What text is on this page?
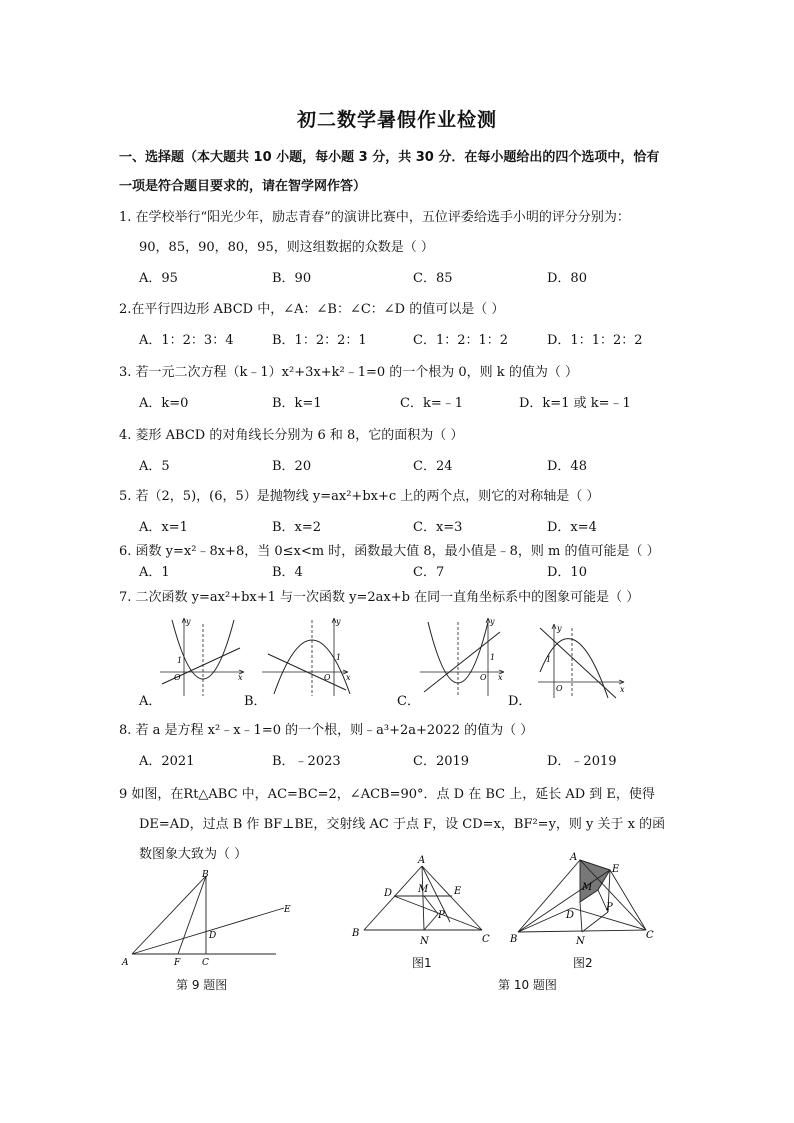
初二数学暑假作业检测
一、选择题（本大题共 10 小题，每小题 3 分，共 30 分．在每小题给出的四个选项中，恰有
一项是符合题目要求的，请在智学网作答）
1. 在学校举行“阳光少年，励志青春”的演讲比赛中，五位评委给选手小明的评分分别为：
90，85，90，80，95，则这组数据的众数是（ ）
A．95	B．90	C．85	D．80
2.在平行四边形 ABCD 中，∠A：∠B：∠C：∠D 的值可以是（ ）
A．1：2：3：4	B．1：2：2：1	C．1：2：1：2	D．1：1：2：2
3. 若一元二次方程（k﹣1）x²+3x+k²﹣1=0 的一个根为 0，则 k 的值为（ ）
A．k=0	B．k=1	C．k=﹣1	D．k=1 或 k=﹣1
4. 菱形 ABCD 的对角线长分别为 6 和 8，它的面积为（ ）
A．5	B．20	C．24	D．48
5. 若（2，5)，(6，5）是抛物线 y=ax²+bx+c 上的两个点，则它的对称轴是（ ）
A．x=1	B．x=2	C．x=3	D．x=4
6. 函数 y=x²﹣8x+8，当 0≤x<m 时，函数最大值 8，最小值是﹣8，则 m 的值可能是（ ）
A．1	B．4	C．7	D．10
7. 二次函数 y=ax²+bx+1 与一次函数 y=2ax+b 在同一直角坐标系中的图象可能是（ ）
A．	B．	C．	D．
y
x
O
1
y
x
O
1
y
x
O
1
y
x
O
1
8. 若 a 是方程 x²﹣x﹣1=0 的一个根，则﹣a³+2a+2022 的值为（ ）
A．2021	B．﹣2023	C．2019	D．﹣2019
9 如图，在Rt△ABC 中，AC=BC=2，∠ACB=90°．点 D 在 BC 上，延长 AD 到 E，使得
DE=AD，过点 B 作 BF⊥BE，交射线 AC 于点 F，设 CD=x，BF²=y，则 y 关于 x 的函
数图象大致为（ ）
A
B
C
D
E
F
A
B
C
D	E
M
N
P
A
B	C
D
E
M
N
P
第 9 题图
图1	图2
第 10 题图
